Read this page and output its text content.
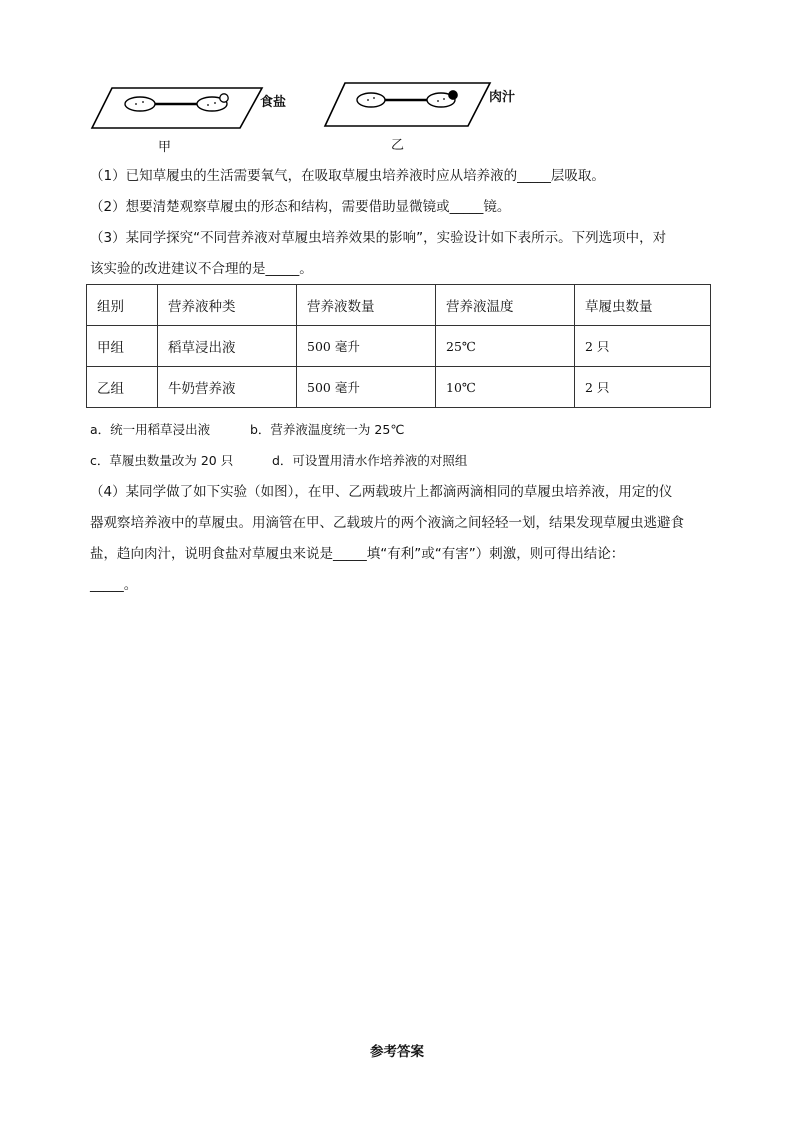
食盐
甲
肉汁
乙
（1）已知草履虫的生活需要氧气，在吸取草履虫培养液时应从培养液的_____层吸取。
（2）想要清楚观察草履虫的形态和结构，需要借助显微镜或_____镜。
（3）某同学探究“不同营养液对草履虫培养效果的影响”，实验设计如下表所示。下列选项中，对
该实验的改进建议不合理的是_____。
组别	营养液种类	营养液数量	营养液温度	草履虫数量
甲组	稻草浸出液	500 毫升	25℃	2 只
乙组	牛奶营养液	500 毫升	10℃	2 只
a．统一用稻草浸出液	b．营养液温度统一为 25℃
c．草履虫数量改为 20 只	d．可设置用清水作培养液的对照组
（4）某同学做了如下实验（如图），在甲、乙两载玻片上都滴两滴相同的草履虫培养液，用定的仪
器观察培养液中的草履虫。用滴管在甲、乙载玻片的两个液滴之间轻轻一划，结果发现草履虫逃避食
盐，趋向肉汁，说明食盐对草履虫来说是_____填“有利”或“有害”）刺激，则可得出结论：
_____。
参考答案
